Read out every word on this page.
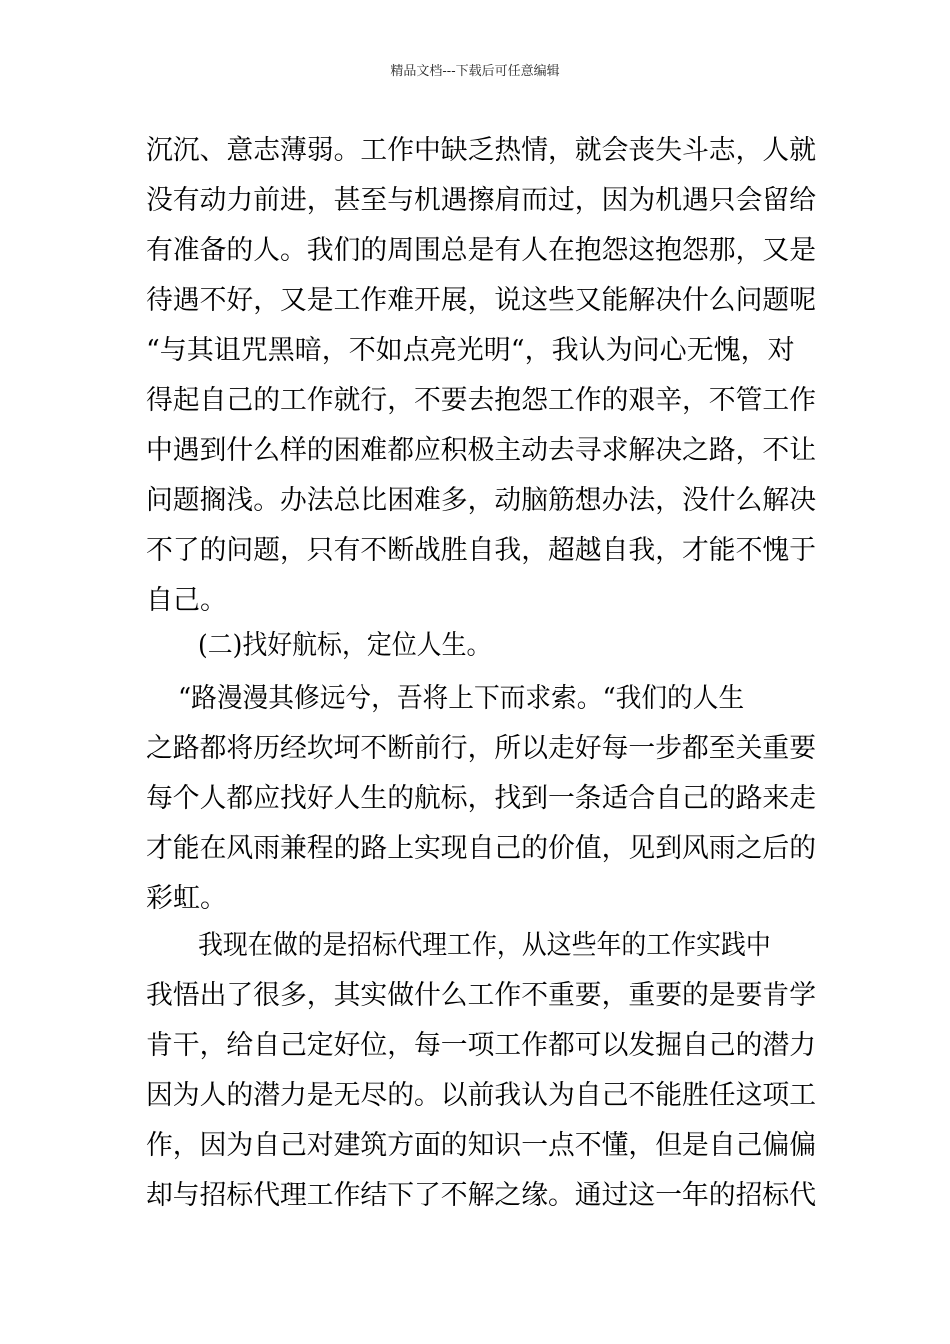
精品文档---下载后可任意编辑
沉沉、意志薄弱。工作中缺乏热情，就会丧失斗志，人就
没有动力前进，甚至与机遇擦肩而过，因为机遇只会留给
有准备的人。我们的周围总是有人在抱怨这抱怨那，又是
待遇不好，又是工作难开展，说这些又能解决什么问题呢
“与其诅咒黑暗，不如点亮光明“，我认为问心无愧，对
得起自己的工作就行，不要去抱怨工作的艰辛，不管工作
中遇到什么样的困难都应积极主动去寻求解决之路，不让
问题搁浅。办法总比困难多，动脑筋想办法，没什么解决
不了的问题，只有不断战胜自我，超越自我，才能不愧于
自己。
(二)找好航标，定位人生。
“路漫漫其修远兮，吾将上下而求索。“我们的人生
之路都将历经坎坷不断前行，所以走好每一步都至关重要
每个人都应找好人生的航标，找到一条适合自己的路来走
才能在风雨兼程的路上实现自己的价值，见到风雨之后的
彩虹。
我现在做的是招标代理工作，从这些年的工作实践中
我悟出了很多，其实做什么工作不重要，重要的是要肯学
肯干，给自己定好位，每一项工作都可以发掘自己的潜力
因为人的潜力是无尽的。以前我认为自己不能胜任这项工
作，因为自己对建筑方面的知识一点不懂，但是自己偏偏
却与招标代理工作结下了不解之缘。通过这一年的招标代
